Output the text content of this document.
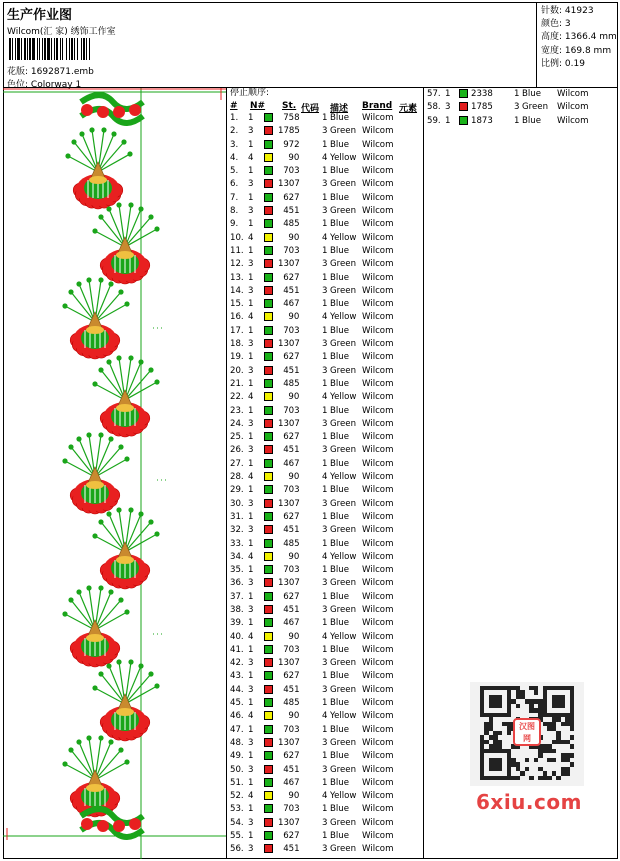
生产作业图
Wilcom(汇 家) 绣饰工作室
花版: 1692871.emb
色位: Colorway 1
针数: 41923
颜色: 3
高度: 1366.4 mm
宽度: 169.8 mm
比例: 0.19
停止顺序:
# N# St. 代码 描述 Brand 元素
1. 1	758	1 Blue Wilcom
2. 3	1785	3 Green Wilcom
3. 1	972	1 Blue Wilcom
4. 4	90	4 Yellow Wilcom
5. 1	703	1 Blue Wilcom
6. 3	1307	3 Green Wilcom
7. 1	627	1 Blue Wilcom
8. 3	451	3 Green Wilcom
9. 1	485	1 Blue Wilcom
10. 4	90	4 Yellow Wilcom
11. 1	703	1 Blue Wilcom
12. 3	1307	3 Green Wilcom
13. 1	627	1 Blue Wilcom
14. 3	451	3 Green Wilcom
15. 1	467	1 Blue Wilcom
16. 4	90	4 Yellow Wilcom
17. 1	703	1 Blue Wilcom
18. 3	1307	3 Green Wilcom
19. 1	627	1 Blue Wilcom
20. 3	451	3 Green Wilcom
21. 1	485	1 Blue Wilcom
22. 4	90	4 Yellow Wilcom
23. 1	703	1 Blue Wilcom
24. 3	1307	3 Green Wilcom
25. 1	627	1 Blue Wilcom
26. 3	451	3 Green Wilcom
27. 1	467	1 Blue Wilcom
28. 4	90	4 Yellow Wilcom
29. 1	703	1 Blue Wilcom
30. 3	1307	3 Green Wilcom
31. 1	627	1 Blue Wilcom
32. 3	451	3 Green Wilcom
33. 1	485	1 Blue Wilcom
34. 4	90	4 Yellow Wilcom
35. 1	703	1 Blue Wilcom
36. 3	1307	3 Green Wilcom
37. 1	627	1 Blue Wilcom
38. 3	451	3 Green Wilcom
39. 1	467	1 Blue Wilcom
40. 4	90	4 Yellow Wilcom
41. 1	703	1 Blue Wilcom
42. 3	1307	3 Green Wilcom
43. 1	627	1 Blue Wilcom
44. 3	451	3 Green Wilcom
45. 1	485	1 Blue Wilcom
46. 4	90	4 Yellow Wilcom
47. 1	703	1 Blue Wilcom
48. 3	1307	3 Green Wilcom
49. 1	627	1 Blue Wilcom
50. 3	451	3 Green Wilcom
51. 1	467	1 Blue Wilcom
52. 4	90	4 Yellow Wilcom
53. 1	703	1 Blue Wilcom
54. 3	1307	3 Green Wilcom
55. 1	627	1 Blue Wilcom
56. 3	451	3 Green Wilcom
57. 1 2338	1 Blue Wilcom
58. 3 1785	3 Green Wilcom
59. 1 1873	1 Blue Wilcom
汉图
网
6xiu.com
